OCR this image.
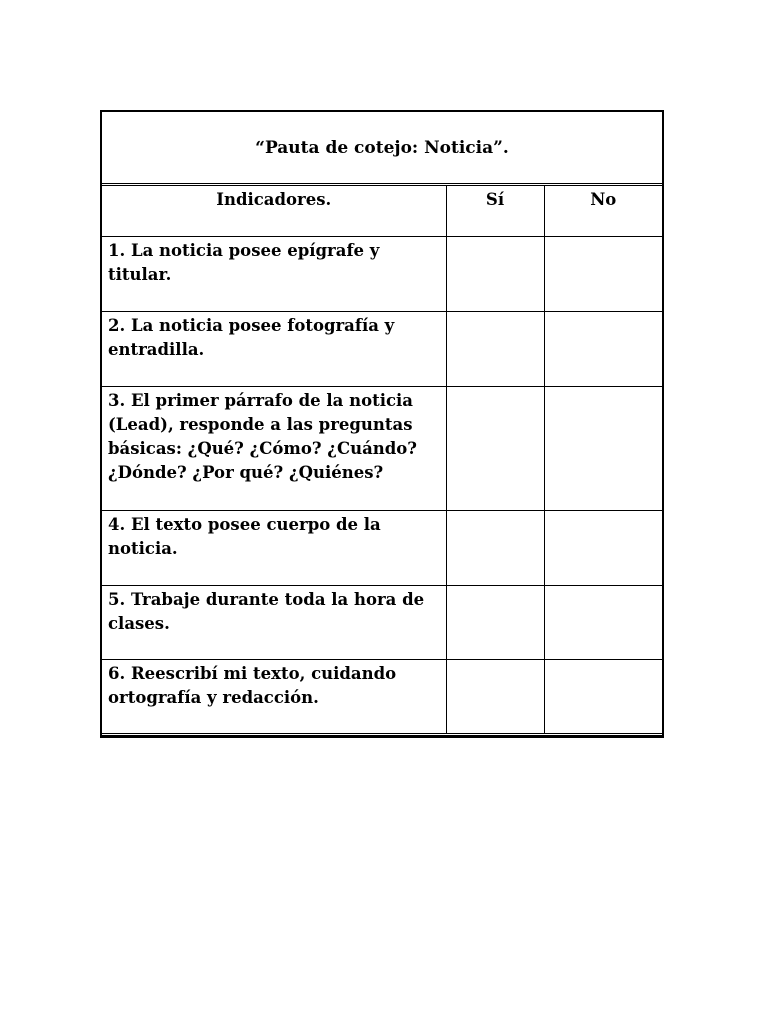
“Pauta de cotejo: Noticia”.
Indicadores.	Sí	No
1. La noticia posee epígrafe y titular.		
2. La noticia posee fotografía y entradilla.		
3. El primer párrafo de la noticia (Lead), responde a las preguntas básicas: ¿Qué? ¿Cómo? ¿Cuándo? ¿Dónde? ¿Por qué? ¿Quiénes?		
4. El texto posee cuerpo de la noticia.		
5. Trabaje durante toda la hora de clases.		
6. Reescribí mi texto, cuidando ortografía y redacción.		
